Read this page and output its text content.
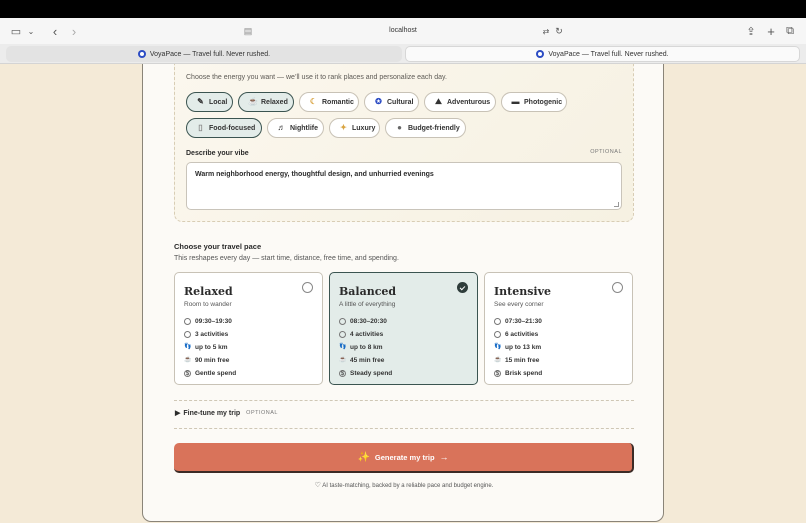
▭ ⌄ ‹ ›	▤	localhost	⇄ ↻	⇪ + ⧉
VoyaPace — Travel full. Never rushed.	VoyaPace — Travel full. Never rushed.
Choose the energy you want — we’ll use it to rank places and personalize each day.
✎ Local	☕ Relaxed	☾ Romantic	✪ Cultural	⛰ Adventurous	▬ Photogenic
▯ Food-focused	♬ Nightlife	✦ Luxury	● Budget-friendly
Describe your vibe	OPTIONAL
Warm neighborhood energy, thoughtful design, and unhurried evenings
Choose your travel pace
This reshapes every day — start time, distance, free time, and spending.
Relaxed
Room to wander
09:30–19:30
3 activities
👣 up to 5 km
☕ 90 min free
$ Gentle spend
Balanced
A little of everything
08:30–20:30
4 activities
👣 up to 8 km
☕ 45 min free
$ Steady spend
Intensive
See every corner
07:30–21:30
6 activities
👣 up to 13 km
☕ 15 min free
$ Brisk spend
▶ Fine-tune my trip OPTIONAL
✨ Generate my trip →
♡ AI taste-matching, backed by a reliable pace and budget engine.
